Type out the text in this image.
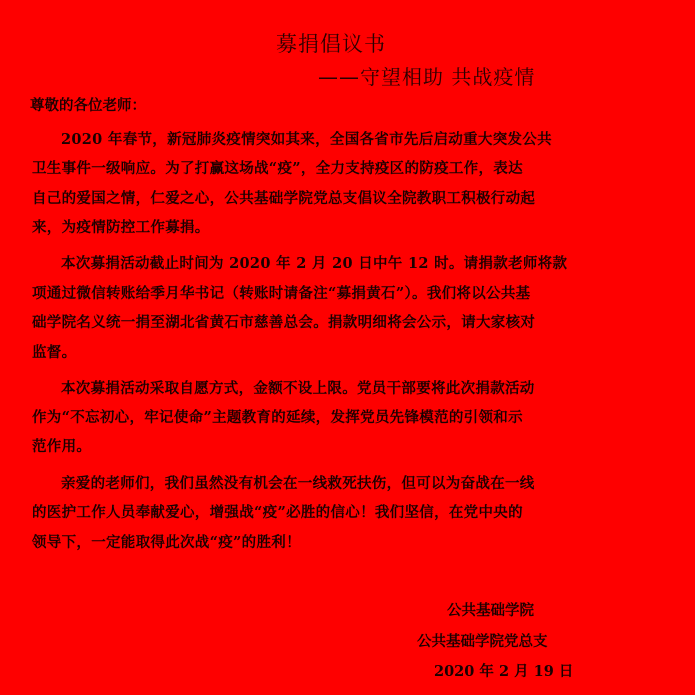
募捐倡议书
——守望相助 共战疫情
尊敬的各位老师：
2020 年春节，新冠肺炎疫情突如其来，全国各省市先后启动重大突发公共
卫生事件一级响应。为了打赢这场战“疫”，全力支持疫区的防疫工作，表达
自己的爱国之情，仁爱之心，公共基础学院党总支倡议全院教职工积极行动起
来，为疫情防控工作募捐。
本次募捐活动截止时间为 2020 年 2 月 20 日中午 12 时。请捐款老师将款
项通过微信转账给季月华书记（转账时请备注“募捐黄石”）。我们将以公共基
础学院名义统一捐至湖北省黄石市慈善总会。捐款明细将会公示，请大家核对
监督。
本次募捐活动采取自愿方式，金额不设上限。党员干部要将此次捐款活动
作为“不忘初心，牢记使命”主题教育的延续，发挥党员先锋模范的引领和示
范作用。
亲爱的老师们，我们虽然没有机会在一线救死扶伤，但可以为奋战在一线
的医护工作人员奉献爱心，增强战“疫”必胜的信心！我们坚信，在党中央的
领导下，一定能取得此次战“疫”的胜利！
公共基础学院
公共基础学院党总支
2020 年 2 月 19 日
